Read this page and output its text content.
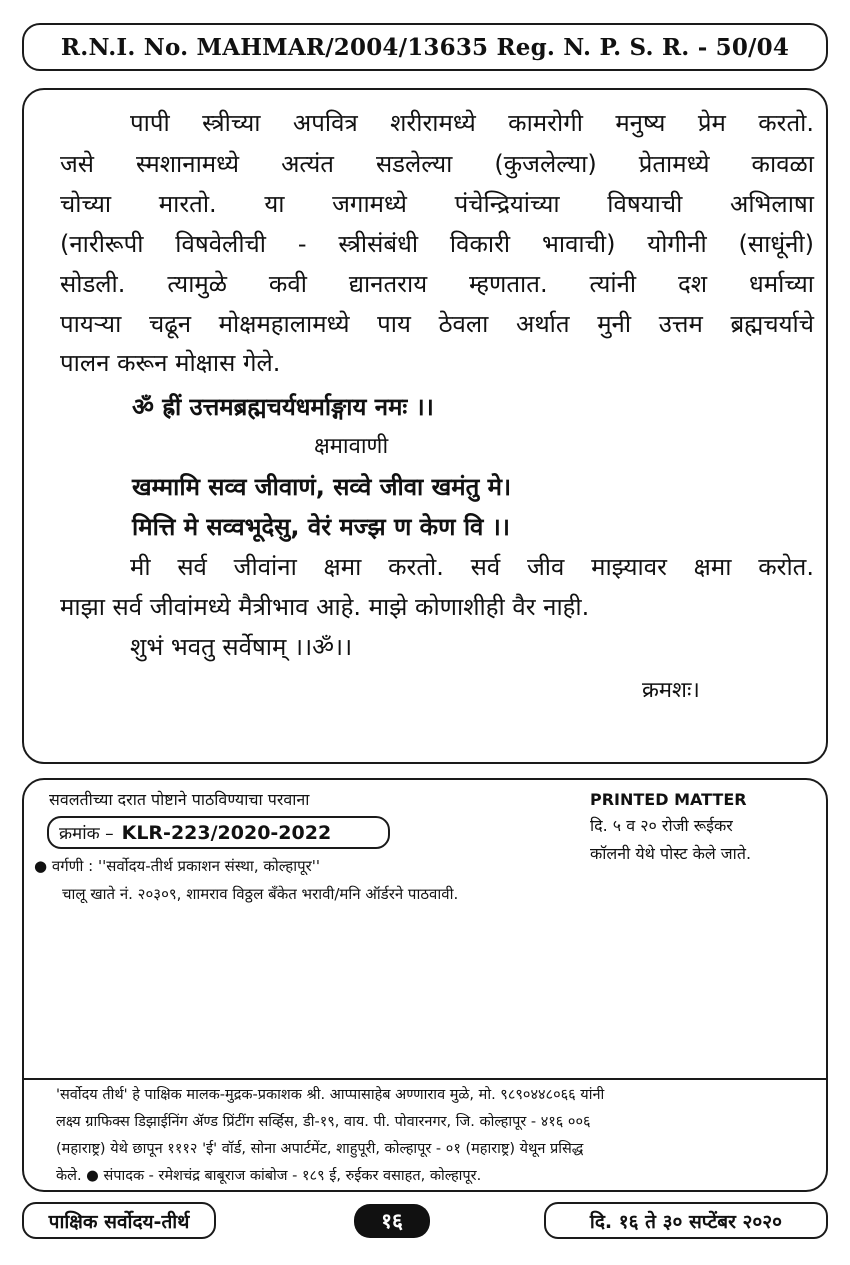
R.N.I. No. MAHMAR/2004/13635 Reg. N. P. S. R. - 50/04
पापी स्त्रीच्या अपवित्र शरीरामध्ये कामरोगी मनुष्य प्रेम करतो.
जसे स्मशानामध्ये अत्यंत सडलेल्या (कुजलेल्या) प्रेतामध्ये कावळा
चोच्या मारतो. या जगामध्ये पंचेन्द्रियांच्या विषयाची अभिलाषा
(नारीरूपी विषवेलीची - स्त्रीसंबंधी विकारी भावाची) योगीनी (साधूंनी)
सोडली. त्यामुळे कवी द्यानतराय म्हणतात. त्यांनी दश धर्माच्या
पायऱ्या चढून मोक्षमहालामध्ये पाय ठेवला अर्थात मुनी उत्तम ब्रह्मचर्याचे
पालन करून मोक्षास गेले.
ॐ ह्रीं उत्तमब्रह्मचर्यधर्माङ्गाय नमः ।।
क्षमावाणी
खम्मामि सव्व जीवाणं, सव्वे जीवा खमंतु मे।
मित्ति मे सव्वभूदेसु, वेरं मज्झ ण केण वि ।।
मी सर्व जीवांना क्षमा करतो. सर्व जीव माझ्यावर क्षमा करोत.
माझा सर्व जीवांमध्ये मैत्रीभाव आहे. माझे कोणाशीही वैर नाही.
शुभं भवतु सर्वेषाम् ।।ॐ।।
क्रमशः।
सवलतीच्या दरात पोष्टाने पाठविण्याचा परवाना
क्रमांक – KLR-223/2020-2022
● वर्गणी : ''सर्वोदय-तीर्थ प्रकाशन संस्था, कोल्हापूर''
चालू खाते नं. २०३०९, शामराव विठ्ठल बँकेत भरावी/मनि ऑर्डरने पाठवावी.
PRINTED MATTER
दि. ५ व २० रोजी रूईकर
कॉलनी येथे पोस्ट केले जाते.
'सर्वोदय तीर्थ' हे पाक्षिक मालक-मुद्रक-प्रकाशक श्री. आप्पासाहेब अण्णाराव मुळे, मो. ९८९०४४८०६६ यांनी
लक्ष्य ग्राफिक्स डिझाईनिंग ॲण्ड प्रिंटींग सर्व्हिस, डी-१९, वाय. पी. पोवारनगर, जि. कोल्हापूर - ४१६ ००६
(महाराष्ट्र) येथे छापून १११२ 'ई' वॉर्ड, सोना अपार्टमेंट, शाहुपूरी, कोल्हापूर - ०१ (महाराष्ट्र) येथून प्रसिद्ध
केले. ● संपादक - रमेशचंद्र बाबूराज कांबोज - १८९ ई, रुईकर वसाहत, कोल्हापूर.
पाक्षिक सर्वोदय-तीर्थ	१६	दि. १६ ते ३० सप्टेंबर २०२०
